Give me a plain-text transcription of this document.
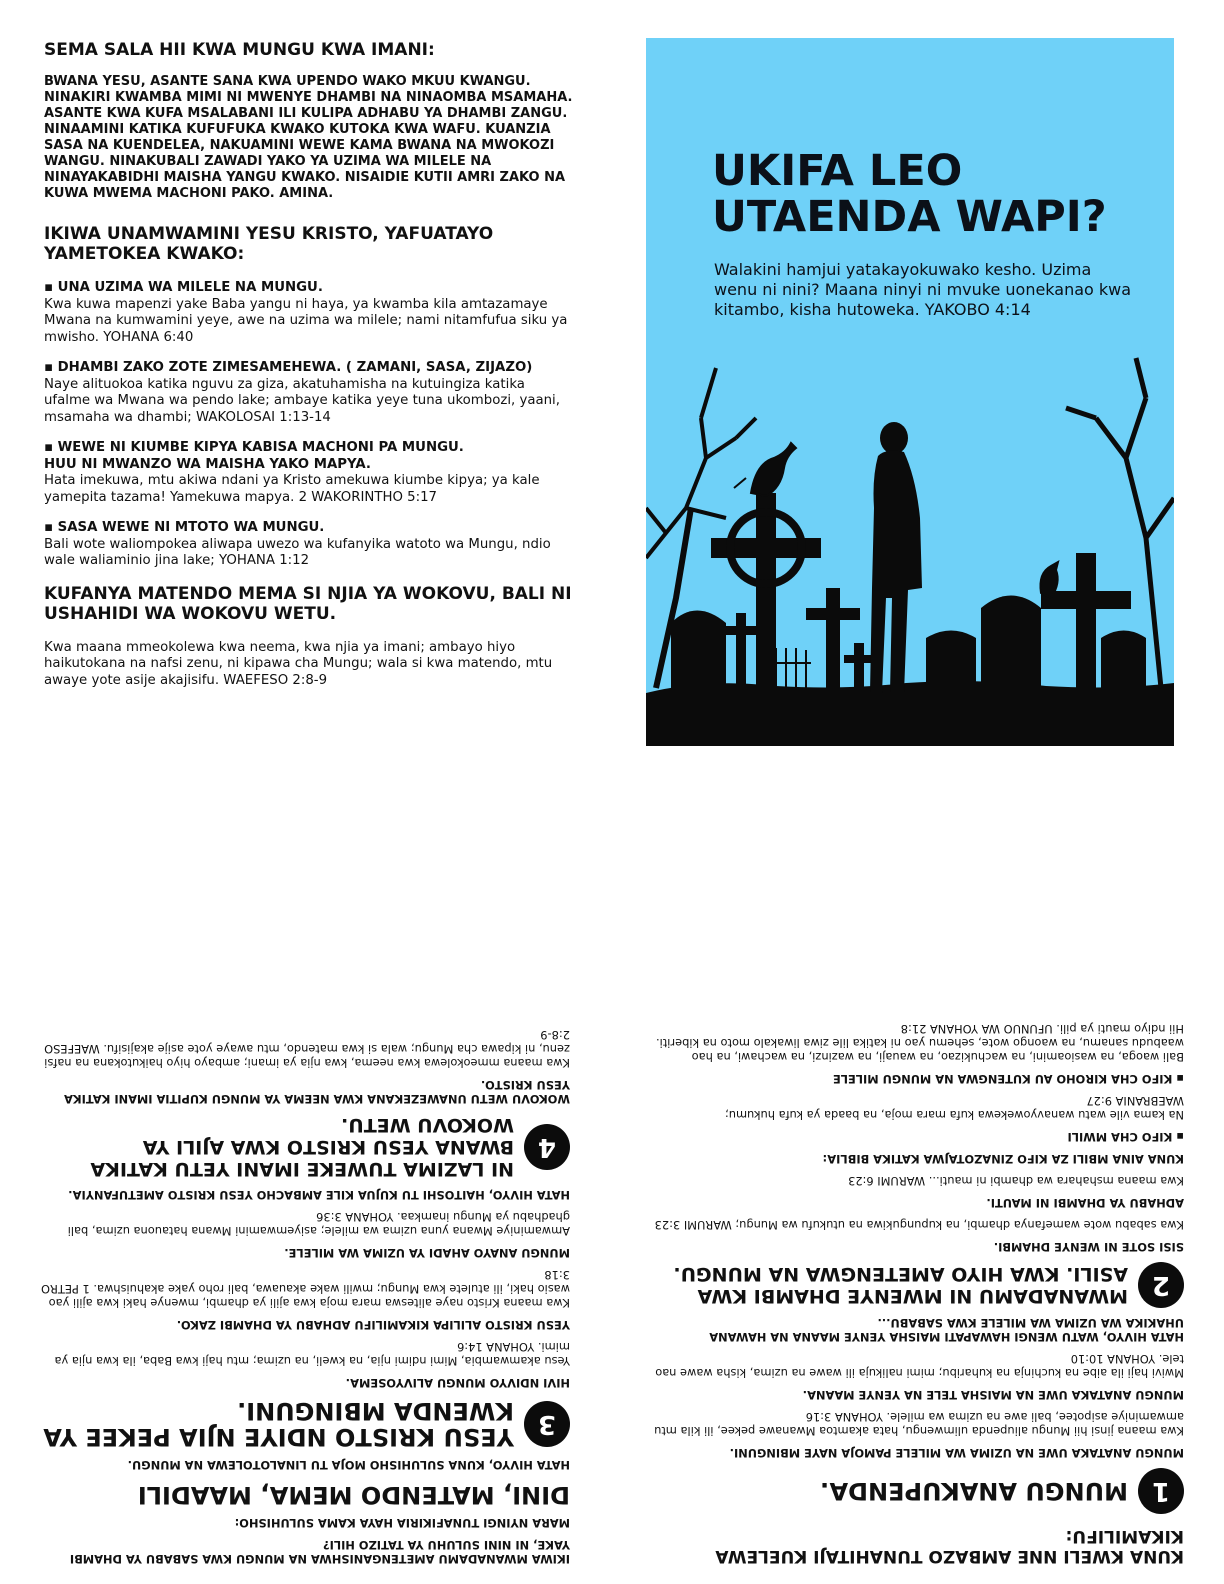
SEMA SALA HII KWA MUNGU KWA IMANI:

BWANA YESU, ASANTE SANA KWA UPENDO WAKO MKUU KWANGU. NINAKIRI KWAMBA MIMI NI MWENYE DHAMBI NA NINAOMBA MSAMAHA. ASANTE KWA KUFA MSALABANI ILI KULIPA ADHABU YA DHAMBI ZANGU. NINAAMINI KATIKA KUFUFUKA KWAKO KUTOKA KWA WAFU. KUANZIA SASA NA KUENDELEA, NAKUAMINI WEWE KAMA BWANA NA MWOKOZI WANGU. NINAKUBALI ZAWADI YAKO YA UZIMA WA MILELE NA NINAYAKABIDHI MAISHA YANGU KWAKO. NISAIDIE KUTII AMRI ZAKO NA KUWA MWEMA MACHONI PAKO. AMINA.

IKIWA UNAMWAMINI YESU KRISTO, YAFUATAYO YAMETOKEA KWAKO:

▪ UNA UZIMA WA MILELE NA MUNGU.
Kwa kuwa mapenzi yake Baba yangu ni haya, ya kwamba kila amtazamaye Mwana na kumwamini yeye, awe na uzima wa milele; nami nitamfufua siku ya mwisho. YOHANA 6:40
▪ DHAMBI ZAKO ZOTE ZIMESAMEHEWA. ( ZAMANI, SASA, ZIJAZO)
Naye alituokoa katika nguvu za giza, akatuhamisha na kutuingiza katika ufalme wa Mwana wa pendo lake; ambaye katika yeye tuna ukombozi, yaani, msamaha wa dhambi; WAKOLOSAI 1:13-14
▪ WEWE NI KIUMBE KIPYA KABISA MACHONI PA MUNGU.
HUU NI MWANZO WA MAISHA YAKO MAPYA.
Hata imekuwa, mtu akiwa ndani ya Kristo amekuwa kiumbe kipya; ya kale yamepita tazama! Yamekuwa mapya. 2 WAKORINTHO 5:17
▪ SASA WEWE NI MTOTO WA MUNGU.
Bali wote waliompokea aliwapa uwezo wa kufanyika watoto wa Mungu, ndio wale waliaminio jina lake; YOHANA 1:12

KUFANYA MATENDO MEMA SI NJIA YA WOKOVU, BALI NI USHAHIDI WA WOKOVU WETU.

Kwa maana mmeokolewa kwa neema, kwa njia ya imani; ambayo hiyo haikutokana na nafsi zenu, ni kipawa cha Mungu; wala si kwa matendo, mtu awaye yote asije akajisifu. WAEFESO 2:8-9
UKIFA LEO
UTAENDA WAPI?
Walakini hamjui yatakayokuwako kesho. Uzima wenu ni nini? Maana ninyi ni mvuke uonekanao kwa kitambo, kisha hutoweka. YAKOBO 4:14

KUNA KWELI NNE AMBAZO TUNAHITAJI KUELEWA KIKAMILIFU:

1
MUNGU ANAKUPENDA.

MUNGU ANATAKA UWE NA UZIMA WA MILELE PAMOJA NAYE MBINGUNI.

Kwa maana jinsi hii Mungu aliupenda ulimwengu, hata akamtoa Mwanawe pekee, ili kila mtu amwaminiye asipotee, bali awe na uzima wa milele. YOHANA 3:16

MUNGU ANATAKA UWE NA MAISHA TELE NA YENYE MAANA.

Mwivi haji ila aibe na kuchinja na kuharibu; mimi nalikuja ili wawe na uzima, kisha wawe nao tele. YOHANA 10:10

HATA HIVYO, WATU WENGI HAWAPATI MAISHA YENYE MAANA NA HAWANA UHAKIKA WA UZIMA WA MILELE KWA SABABU...

2
MWANADAMU NI MWENYE DHAMBI KWA ASILI. KWA HIYO AMETENGWA NA MUNGU.

SISI SOTE NI WENYE DHAMBI.

Kwa sababu wote wamefanya dhambi, na kupungukiwa na utukufu wa Mungu; WARUMI 3:23

ADHABU YA DHAMBI NI MAUTI.

Kwa maana mshahara wa dhambi ni mauti... WARUMI 6:23

KUNA AINA MBILI ZA KIFO ZINAZOTAJWA KATIKA BIBLIA:

▪ KIFO CHA MWILI

Na kama vile watu wanavyowekewa kufa mara moja, na baada ya kufa hukumu; WAEBRANIA 9:27

▪ KIFO CHA KIROHO AU KUTENGWA NA MUNGU MILELE

Bali waoga, na wasioamini, na wachukizao, na wauaji, na wazinzi, na wachawi, na hao waabudu sanamu, na waongo wote, sehemu yao ni katika lile ziwa liwakalo moto na kiberiti. Hii ndiyo mauti ya pili. UFUNUO WA YOHANA 21:8

IKIWA MWANADAMU AMETENGANISHWA NA MUNGU KWA SABABU YA DHAMBI YAKE, NI NINI SULUHU YA TATIZO HILI?

MARA NYINGI TUNAFIKIRIA HAYA KAMA SULUHISHO:

DINI, MATENDO MEMA, MAADILI

HATA HIVYO, KUNA SULUHISHO MOJA TU LINALOTOLEWA NA MUNGU.

3
YESU KRISTO NDIYE NJIA PEKEE YA KWENDA MBINGUNI.

HIVI NDIVYO MUNGU ALIVYOSEMA.

Yesu akamwambia, Mimi ndimi njia, na kweli, na uzima; mtu haji kwa Baba, ila kwa njia ya mimi. YOHANA 14:6

YESU KRISTO ALILIPA KIKAMILIFU ADHABU YA DHAMBI ZAKO.

Kwa maana Kristo naye aliteswa mara moja kwa ajili ya dhambi, mwenye haki kwa ajili yao wasio haki, ili atulete kwa Mungu; mwili wake akauawa, bali roho yake akahuishwa. 1 PETRO 3:18

MUNGU ANAYO AHADI YA UZIMA WA MILELE.

Amwaminiye Mwana yuna uzima wa milele; asiyemwamini Mwana hatauona uzima, bali ghadhabu ya Mungu inamkaa. YOHANA 3:36

HATA HIVYO, HAITOSHI TU KUJUA KILE AMBACHO YESU KRISTO AMETUFANYIA.

4
NI LAZIMA TUWEKE IMANI YETU KATIKA BWANA YESU KRISTO KWA AJILI YA WOKOVU WETU.

WOKOVU WETU UNAWEZEKANA KWA NEEMA YA MUNGU KUPITIA IMANI KATIKA YESU KRISTO.

Kwa maana mmeokolewa kwa neema, kwa njia ya imani; ambayo hiyo haikutokana na nafsi zenu, ni kipawa cha Mungu; wala si kwa matendo, mtu awaye yote asije akajisifu. WAEFESO 2:8-9
